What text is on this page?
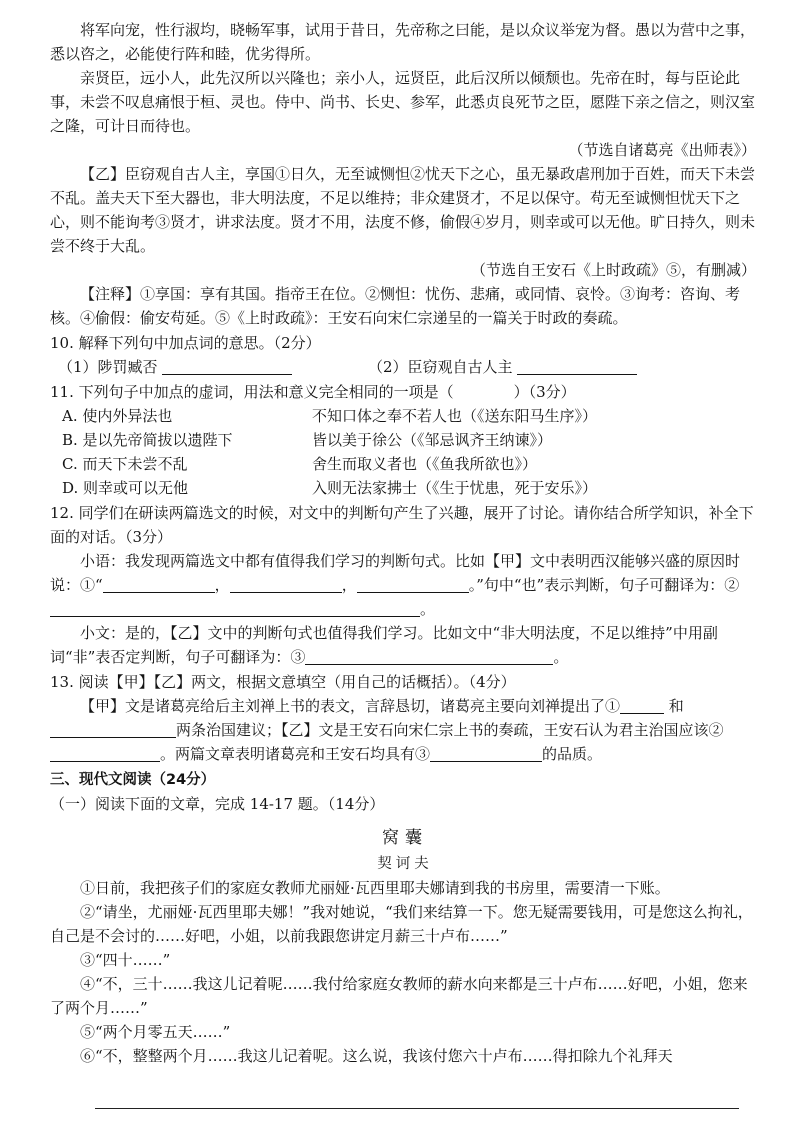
将军向宠，性行淑均，晓畅军事，试用于昔日，先帝称之曰能，是以众议举宠为督。愚以为营中之事，悉以咨之，必能使行阵和睦，优劣得所。

亲贤臣，远小人，此先汉所以兴隆也；亲小人，远贤臣，此后汉所以倾颓也。先帝在时，每与臣论此事，未尝不叹息痛恨于桓、灵也。侍中、尚书、长史、参军，此悉贞良死节之臣，愿陛下亲之信之，则汉室之隆，可计日而待也。

（节选自诸葛亮《出师表》）

【乙】臣窃观自古人主，享国①日久，无至诚恻怛②忧天下之心，虽无暴政虐刑加于百姓，而天下未尝不乱。盖夫天下至大器也，非大明法度，不足以维持；非众建贤才，不足以保守。苟无至诚恻怛忧天下之心，则不能询考③贤才，讲求法度。贤才不用，法度不修，偷假④岁月，则幸或可以无他。旷日持久，则未尝不终于大乱。

（节选自王安石《上时政疏》⑤，有删减）

【注释】①享国：享有其国。指帝王在位。②恻怛：忧伤、悲痛，或同情、哀怜。③询考：咨询、考核。④偷假：偷安苟延。⑤《上时政疏》：王安石向宋仁宗递呈的一篇关于时政的奏疏。

10. 解释下列句中加点词的意思。（2分）

（1）陟罚臧否	（2）臣窃观自古人主

11. 下列句子中加点的虚词，用法和意义完全相同的一项是（	）（3分）

A. 使内外异法也	不知口体之奉不若人也（《送东阳马生序》）
B. 是以先帝简拔以遗陛下	皆以美于徐公（《邹忌讽齐王纳谏》）
C. 而天下未尝不乱	舍生而取义者也（《鱼我所欲也》）
D. 则幸或可以无他	入则无法家拂士（《生于忧患，死于安乐》）

12. 同学们在研读两篇选文的时候，对文中的判断句产生了兴趣，展开了讨论。请你结合所学知识，补全下面的对话。（3分）

小语：我发现两篇选文中都有值得我们学习的判断句式。比如【甲】文中表明西汉能够兴盛的原因时说：①“	，	，	。”句中“也”表示判断，句子可翻译为：②。

小文：是的，【乙】文中的判断句式也值得我们学习。比如文中“非大明法度，不足以维持”中用副词“非”表否定判断，句子可翻译为：③	。

13. 阅读【甲】【乙】两文，根据文意填空（用自己的话概括）。（4分）

【甲】文是诸葛亮给后主刘禅上书的表文，言辞恳切，诸葛亮主要向刘禅提出了①	和两条治国建议；【乙】文是王安石向宋仁宗上书的奏疏，王安石认为君主治国应该②。两篇文章表明诸葛亮和王安石均具有③	的品质。

三、现代文阅读（24分）

（一）阅读下面的文章，完成 14-17 题。（14分）

窝囊
契诃夫

①日前，我把孩子们的家庭女教师尤丽娅·瓦西里耶夫娜请到我的书房里，需要清一下账。

②“请坐，尤丽娅·瓦西里耶夫娜！”我对她说，“我们来结算一下。您无疑需要钱用，可是您这么拘礼，自己是不会讨的……好吧，小姐，以前我跟您讲定月薪三十卢布……”

③“四十……”

④“不，三十……我这儿记着呢……我付给家庭女教师的薪水向来都是三十卢布……好吧，小姐，您来了两个月……”

⑤“两个月零五天……”

⑥“不，整整两个月……我这儿记着呢。这么说，我该付您六十卢布……得扣除九个礼拜天
